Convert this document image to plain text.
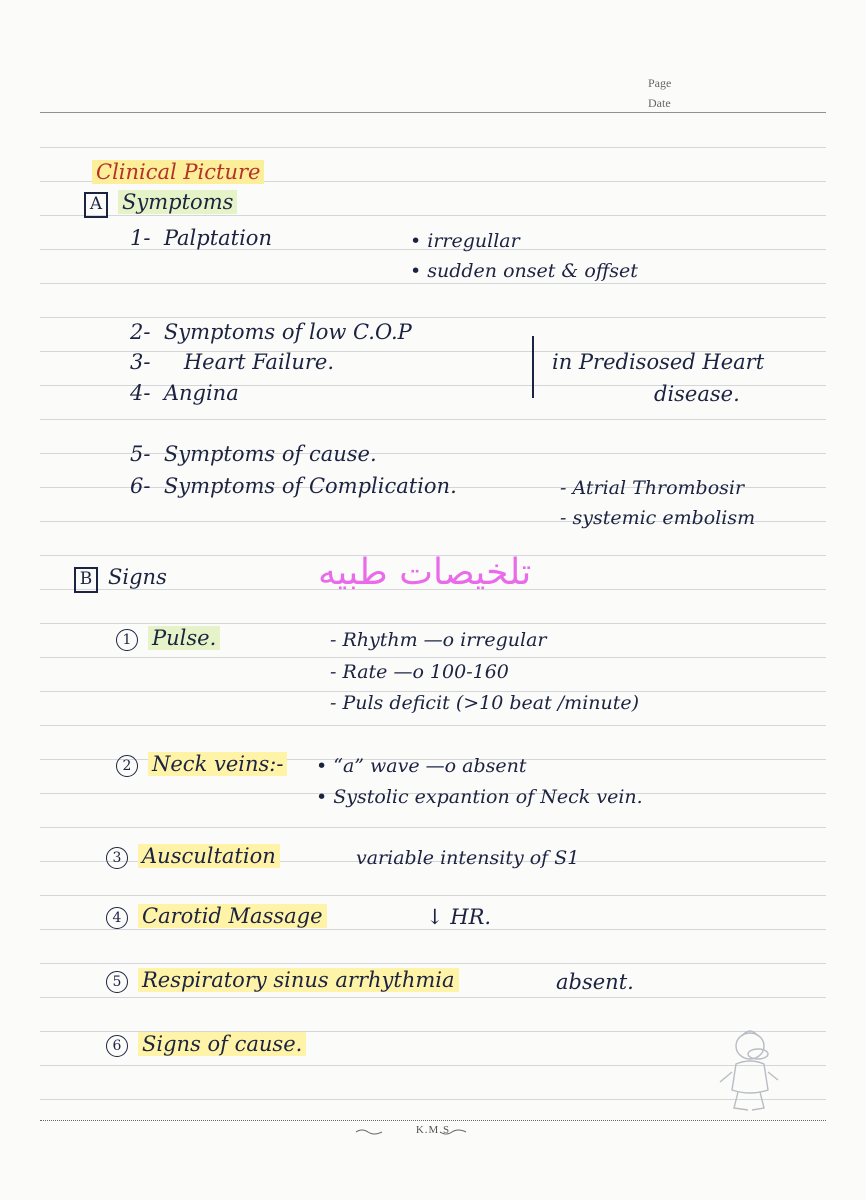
Page
Date
Clinical Picture
A Symptoms
1- Palptation	• irregullar
• sudden onset & offset
2- Symptoms of low C.O.P
3- Heart Failure.
4- Angina
in Predisosed Heart
disease.
5- Symptoms of cause.
6- Symptoms of Complication.	- Atrial Thrombosir
- systemic embolism
تلخيصات طبيه
B Signs
1 Pulse.	- Rhythm —o irregular
- Rate —o 100-160
- Puls deficit (>10 beat /minute)
2 Neck veins:- • “a” wave —o absent
• Systolic expantion of Neck vein.
3 Auscultation	variable intensity of S1
4 Carotid Massage	↓ HR.
5 Respiratory sinus arrhythmia	absent.
6 Signs of cause.
K.M.S
